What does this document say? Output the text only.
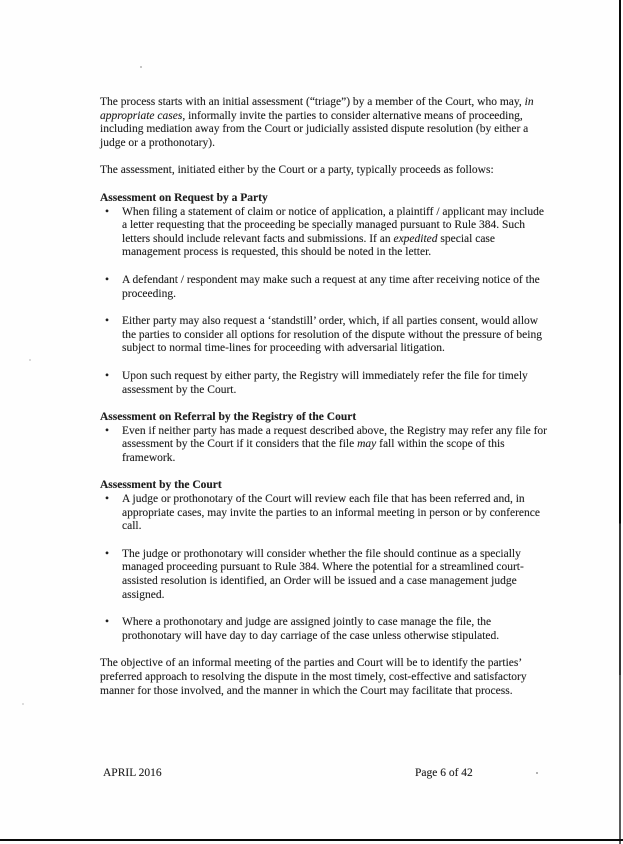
The process starts with an initial assessment (“triage”) by a member of the Court, who may, in appropriate cases, informally invite the parties to consider alternative means of proceeding, including mediation away from the Court or judicially assisted dispute resolution (by either a judge or a prothonotary).

The assessment, initiated either by the Court or a party, typically proceeds as follows:

Assessment on Request by a Party
• When filing a statement of claim or notice of application, a plaintiff / applicant may include a letter requesting that the proceeding be specially managed pursuant to Rule 384. Such letters should include relevant facts and submissions. If an expedited special case management process is requested, this should be noted in the letter.
• A defendant / respondent may make such a request at any time after receiving notice of the proceeding.
• Either party may also request a ‘standstill’ order, which, if all parties consent, would allow the parties to consider all options for resolution of the dispute without the pressure of being subject to normal time-lines for proceeding with adversarial litigation.
• Upon such request by either party, the Registry will immediately refer the file for timely assessment by the Court.
Assessment on Referral by the Registry of the Court
• Even if neither party has made a request described above, the Registry may refer any file for assessment by the Court if it considers that the file may fall within the scope of this framework.
Assessment by the Court
• A judge or prothonotary of the Court will review each file that has been referred and, in appropriate cases, may invite the parties to an informal meeting in person or by conference call.
• The judge or prothonotary will consider whether the file should continue as a specially managed proceeding pursuant to Rule 384. Where the potential for a streamlined court-assisted resolution is identified, an Order will be issued and a case management judge assigned.
• Where a prothonotary and judge are assigned jointly to case manage the file, the prothonotary will have day to day carriage of the case unless otherwise stipulated.

The objective of an informal meeting of the parties and Court will be to identify the parties’ preferred approach to resolving the dispute in the most timely, cost-effective and satisfactory manner for those involved, and the manner in which the Court may facilitate that process.

APRIL 2016	Page 6 of 42
